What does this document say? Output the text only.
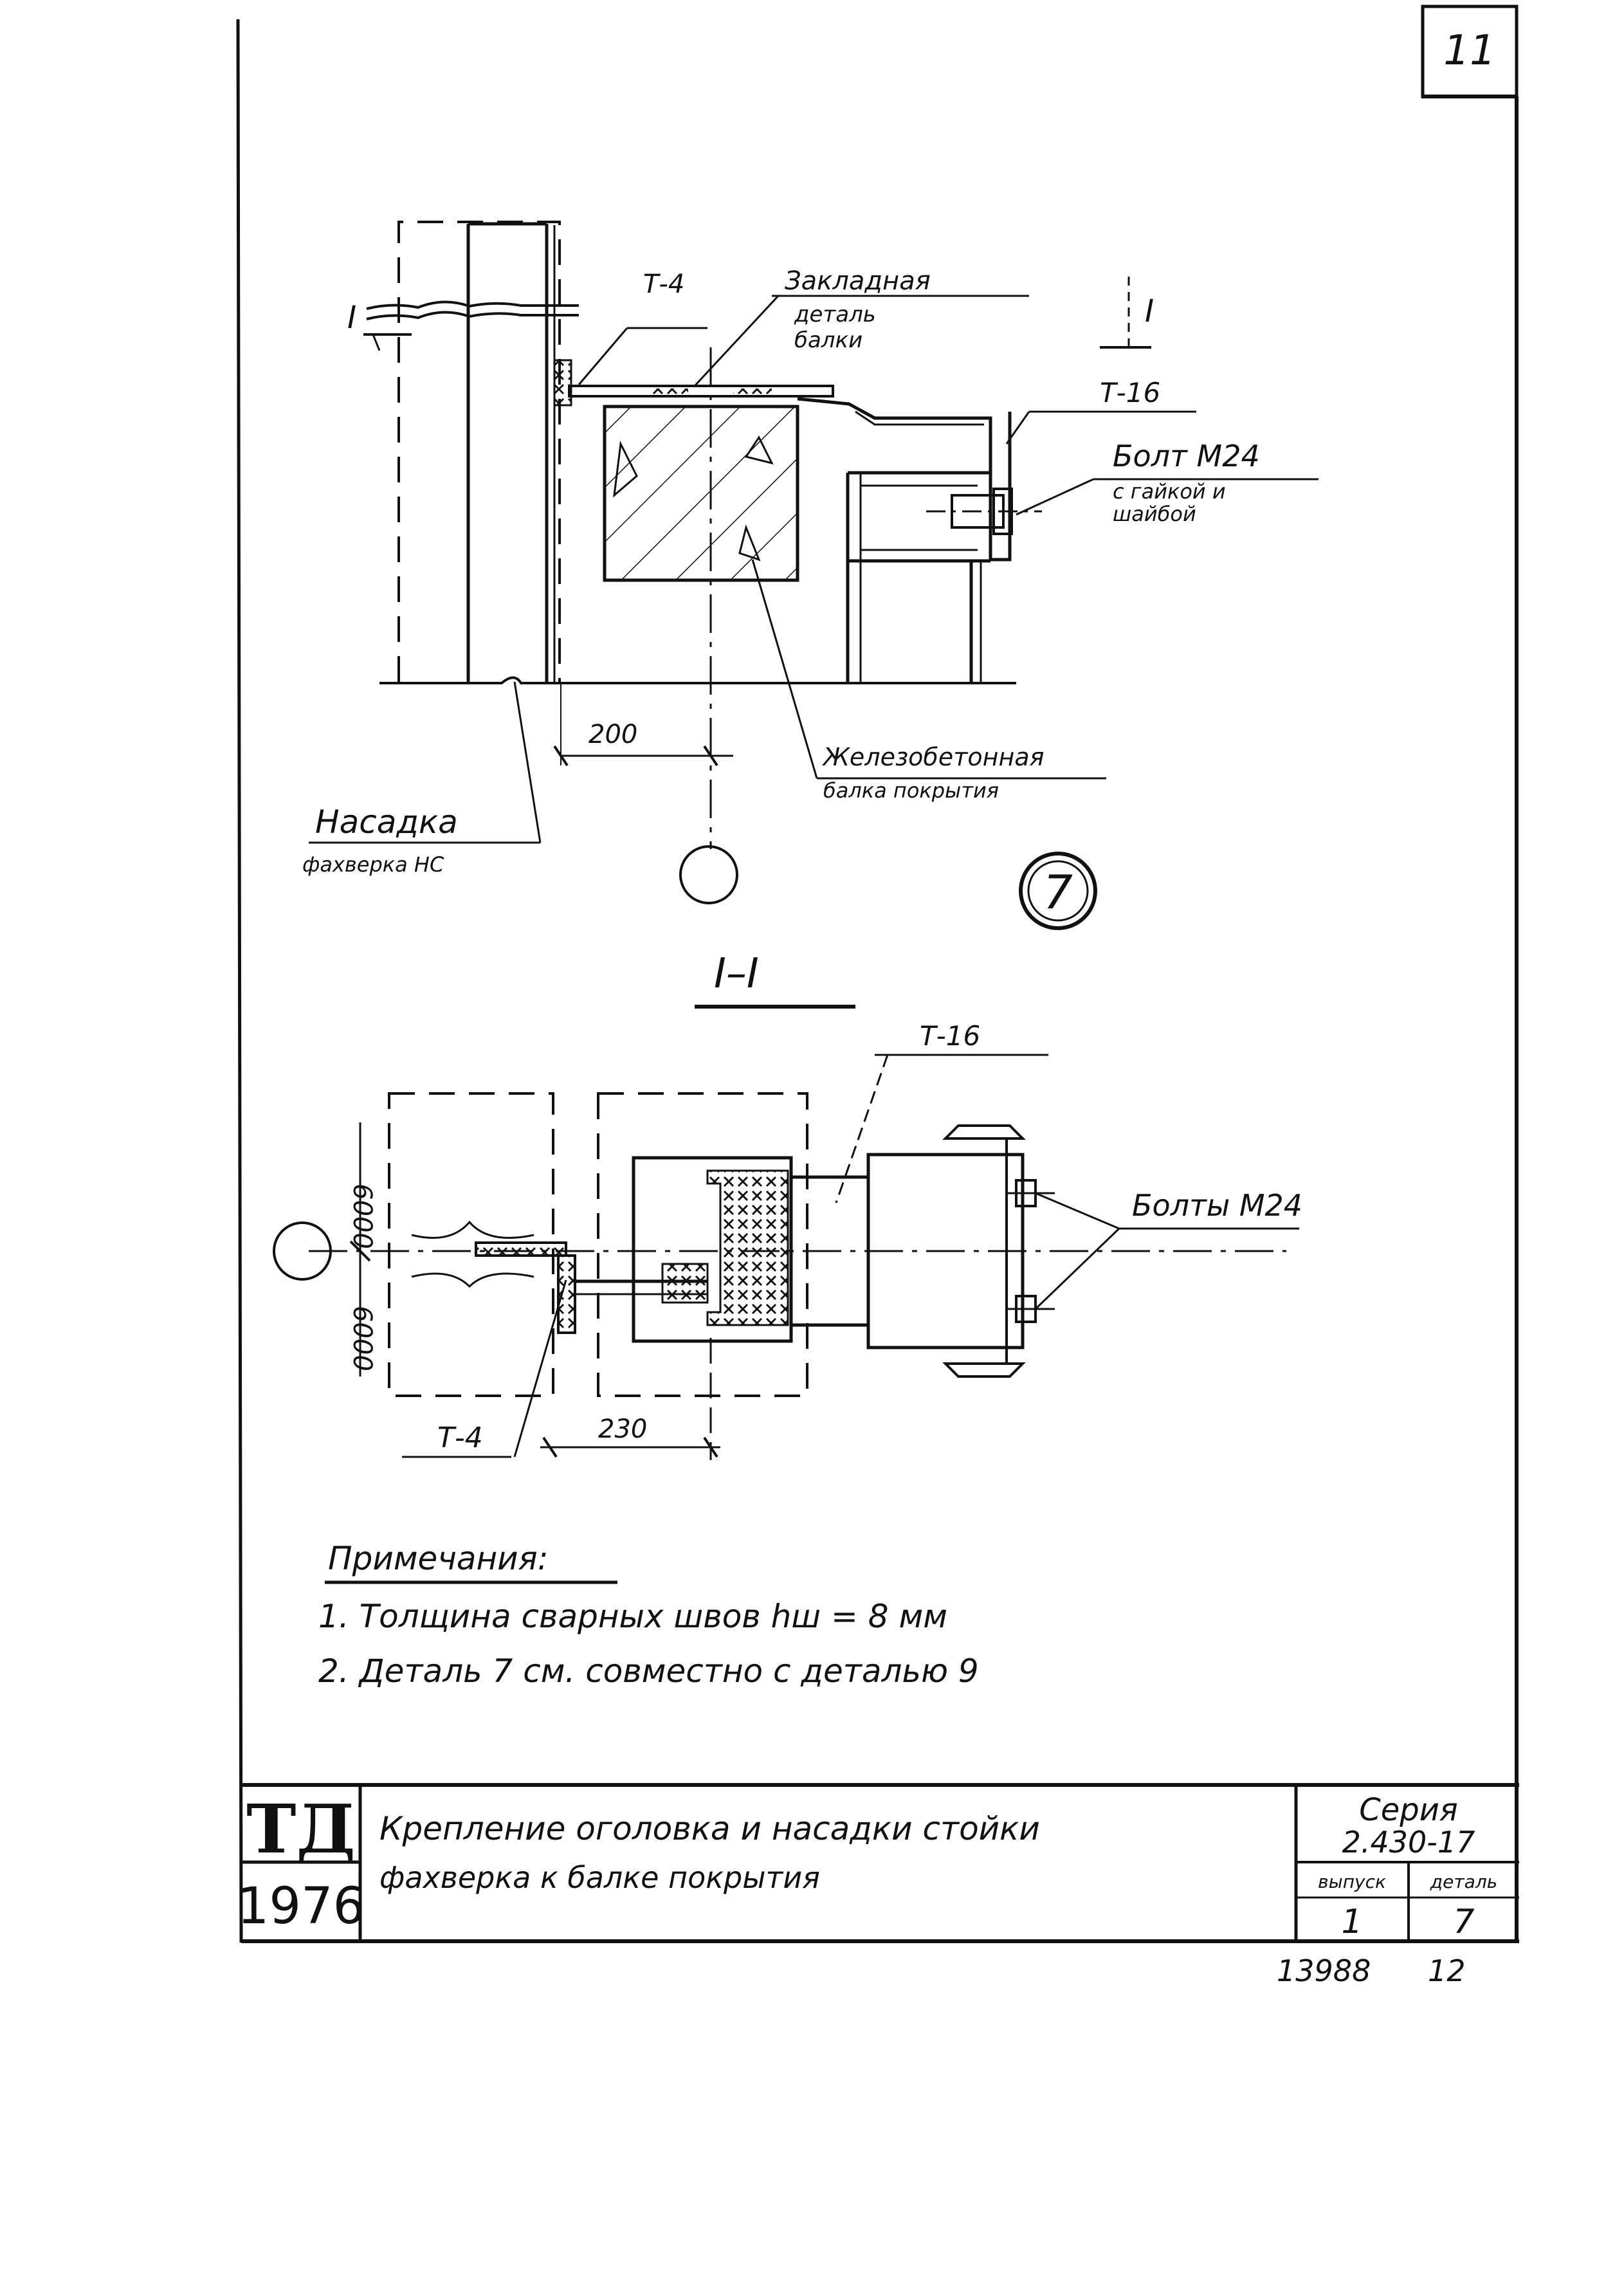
11
Т-4	Закладная
деталь
балки
I	I
Т-16
Болт М24
с гайкой и
шайбой
200
Железобетонная
балка покрытия
Насадка
фахверка НС
7
I–I
Т-16
Болты М24
6000
6000
Т-4	230
Примечания:
1. Толщина сварных швов hш = 8 мм
2. Деталь 7 см. совместно с деталью 9
ТД
1976
Крепление оголовка и насадки стойки
фахверка к балке покрытия
Серия
2.430-17
выпуск деталь
1	7
13988 12
